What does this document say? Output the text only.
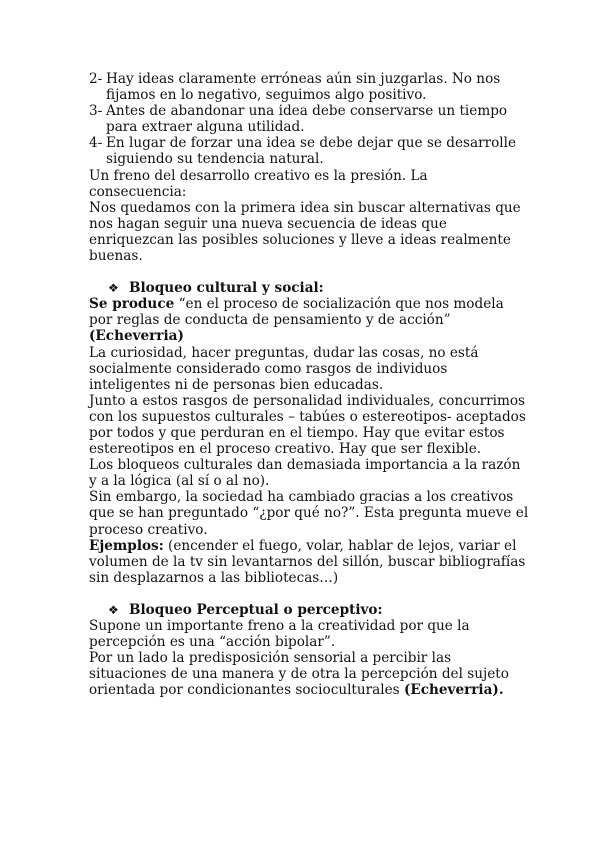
2- Hay ideas claramente erróneas aún sin juzgarlas. No nos fijamos en lo negativo, seguimos algo positivo.
3- Antes de abandonar una idea debe conservarse un tiempo para extraer alguna utilidad.
4- En lugar de forzar una idea se debe dejar que se desarrolle siguiendo su tendencia natural.

Un freno del desarrollo creativo es la presión. La consecuencia:

Nos quedamos con la primera idea sin buscar alternativas que nos hagan seguir una nueva secuencia de ideas que enriquezcan las posibles soluciones y lleve a ideas realmente buenas.

❖ Bloqueo cultural y social:

Se produce “en el proceso de socialización que nos modela por reglas de conducta de pensamiento y de acción”

(Echeverria)

La curiosidad, hacer preguntas, dudar las cosas, no está socialmente considerado como rasgos de individuos inteligentes ni de personas bien educadas.

Junto a estos rasgos de personalidad individuales, concurrimos con los supuestos culturales – tabúes o estereotipos- aceptados por todos y que perduran en el tiempo. Hay que evitar estos estereotipos en el proceso creativo. Hay que ser flexible.

Los bloqueos culturales dan demasiada importancia a la razón y a la lógica (al sí o al no).

Sin embargo, la sociedad ha cambiado gracias a los creativos que se han preguntado “¿por qué no?”. Esta pregunta mueve el proceso creativo.

Ejemplos: (encender el fuego, volar, hablar de lejos, variar el volumen de la tv sin levantarnos del sillón, buscar bibliografías sin desplazarnos a las bibliotecas…)

❖ Bloqueo Perceptual o perceptivo:

Supone un importante freno a la creatividad por que la percepción es una “acción bipolar”.

Por un lado la predisposición sensorial a percibir las situaciones de una manera y de otra la percepción del sujeto orientada por condicionantes socioculturales (Echeverria).
